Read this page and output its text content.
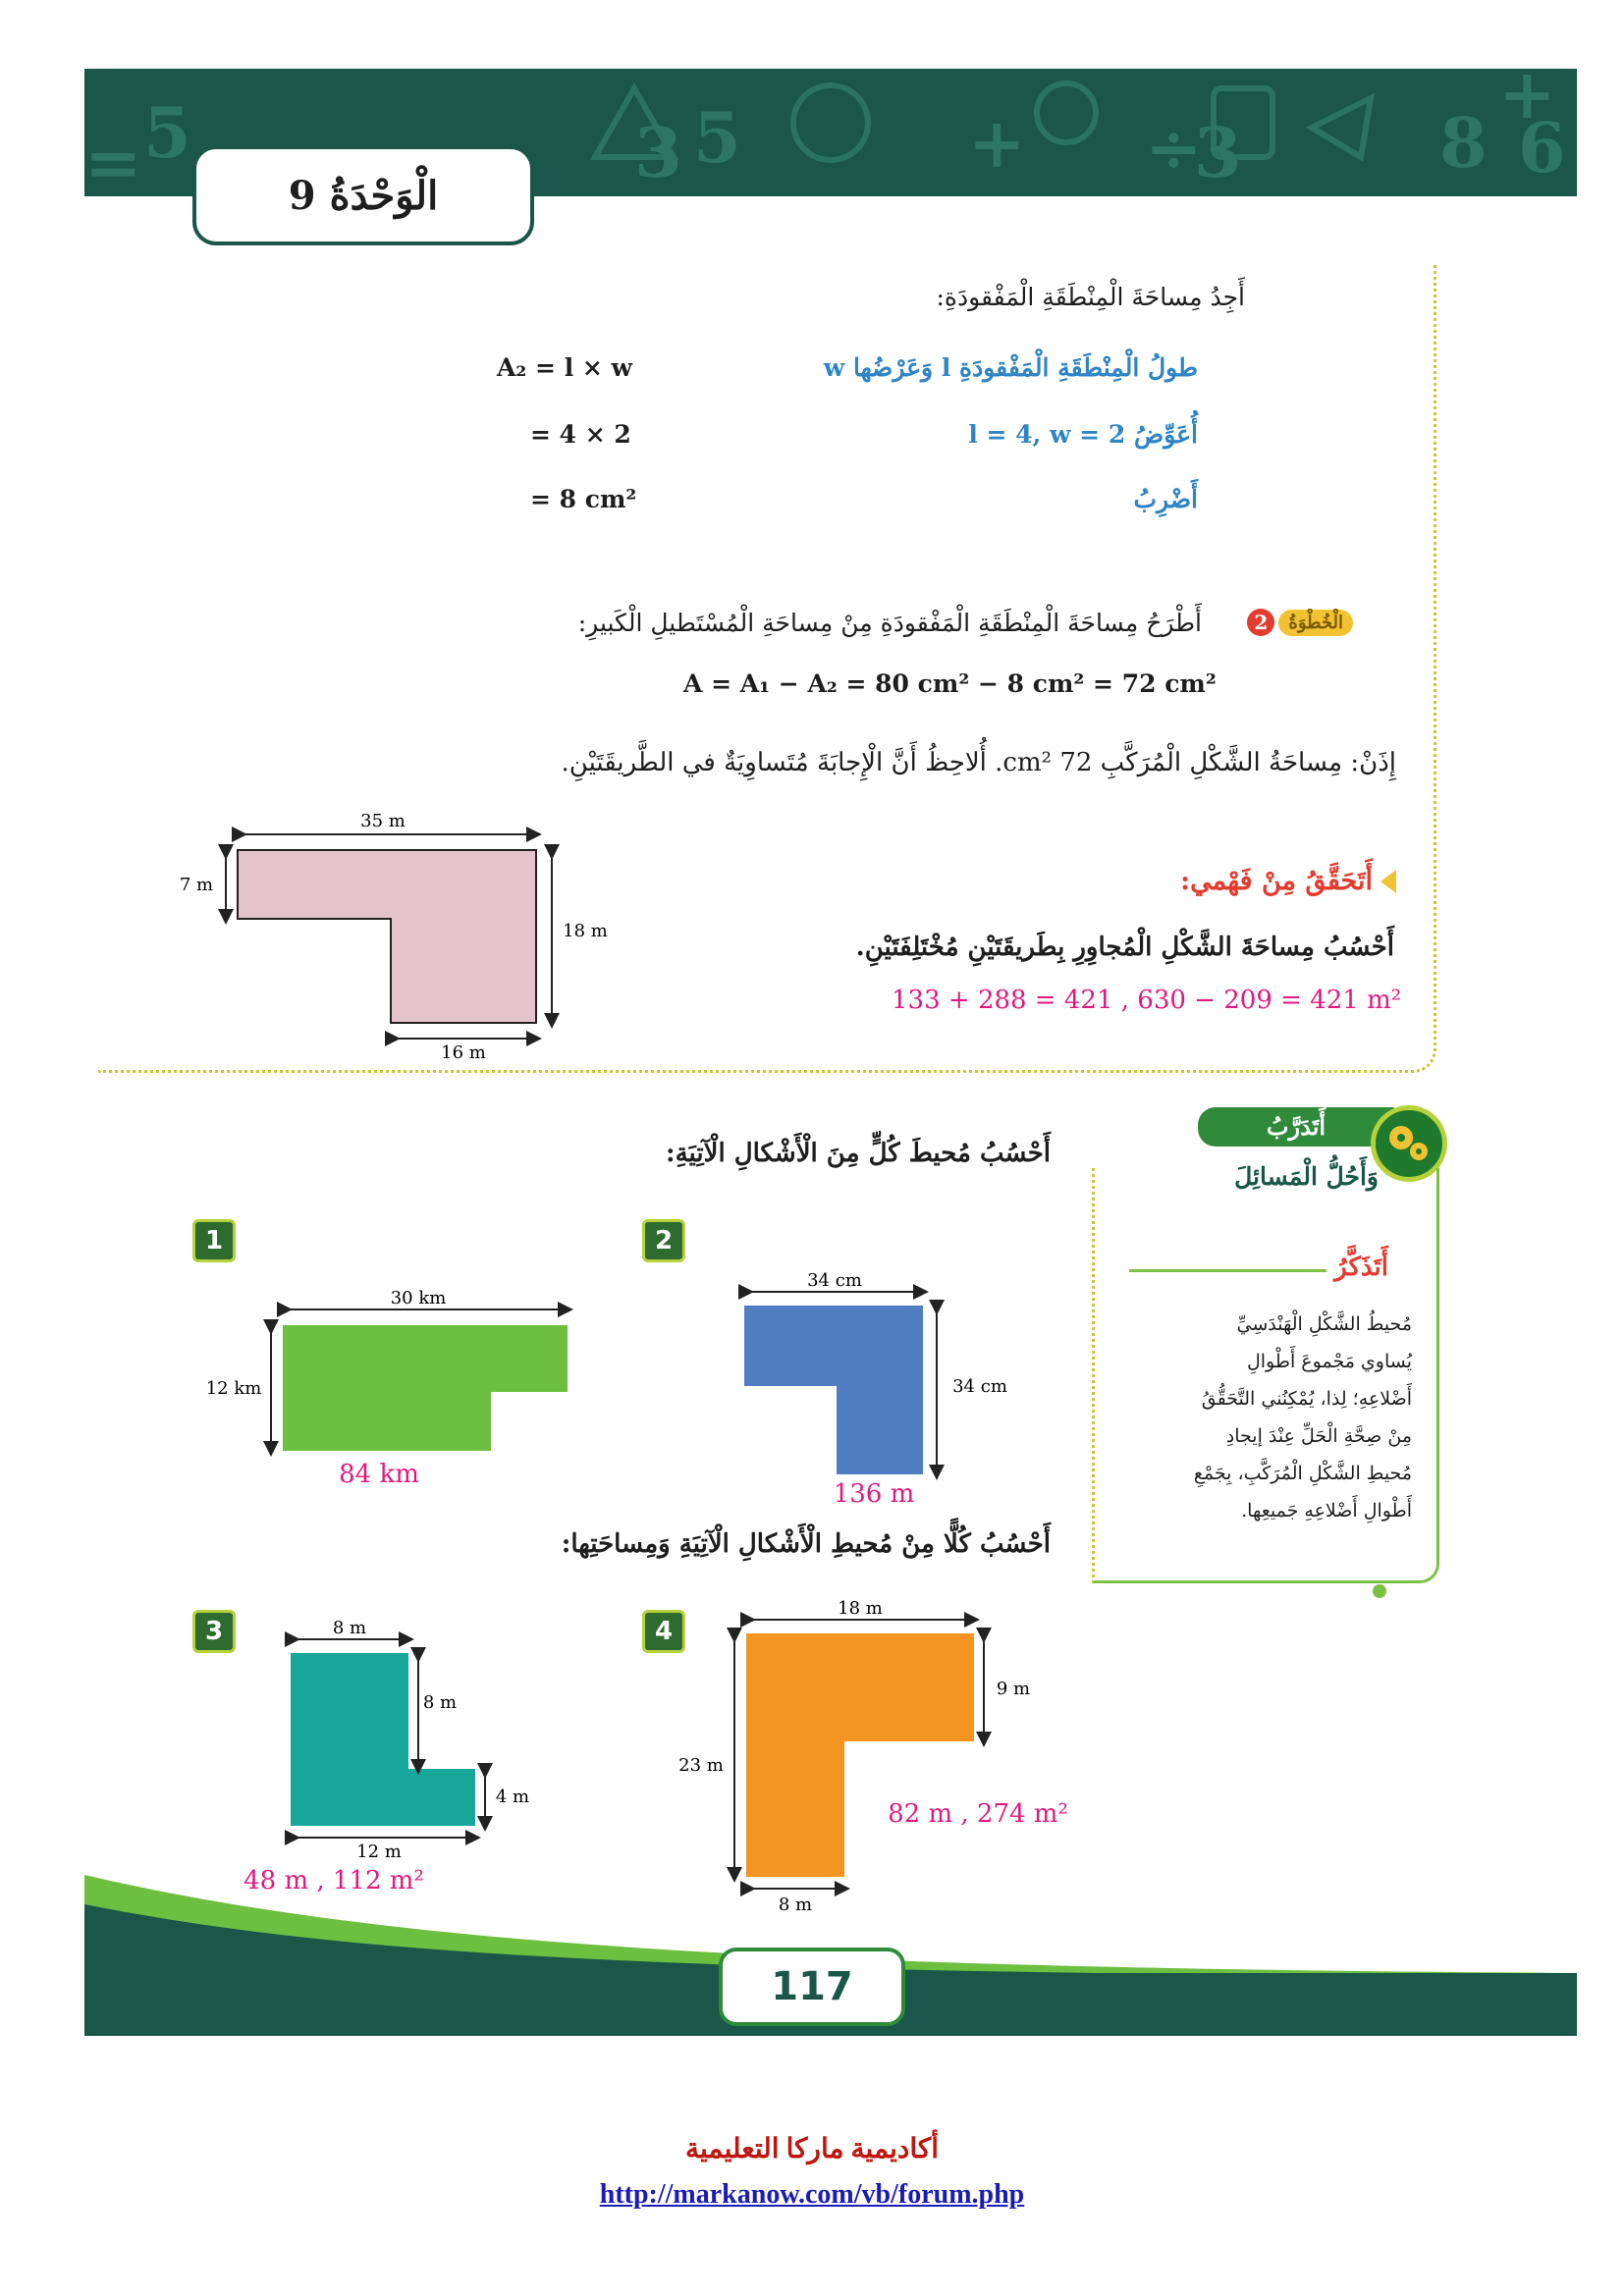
5	3 5	+ ÷
3	8 6
+
=	الْوَحْدَةُ 9
أَجِدُ مِساحَةَ الْمِنْطَقَةِ الْمَفْقودَةِ:
طولُ الْمِنْطَقَةِ الْمَفْقودَةِ l وَعَرْضُها w
A₂ = l × w
أُعَوِّضُ l = 4, w = 2
= 4 × 2
أَضْرِبُ
= 8 cm²
الْخُطْوَةُ
2
أَطْرَحُ مِساحَةَ الْمِنْطَقَةِ الْمَفْقودَةِ مِنْ مِساحَةِ الْمُسْتَطيلِ الْكَبيرِ:
A = A₁ − A₂ = 80 cm² − 8 cm² = 72 cm²
إِذَنْ: مِساحَةُ الشَّكْلِ الْمُرَكَّبِ 72 cm². أُلاحِظُ أَنَّ الْإِجابَةَ مُتَساوِيَةٌ في الطَّريقَتَيْنِ.
أَتَحَقَّقُ مِنْ فَهْمي:
أَحْسُبُ مِساحَةَ الشَّكْلِ الْمُجاوِرِ بِطَريقَتَيْنِ مُخْتَلِفَتَيْنِ.
133 + 288 = 421 , 630 − 209 = 421 m²
35 m
7 m
18 m
16 m
أَتَدَرَّبُ
وَأَحُلُّ الْمَسائِلَ
أَحْسُبُ مُحيطَ كُلٍّ مِنَ الْأَشْكالِ الْآتِيَةِ:
أَتَذَكَّرُ
مُحيطُ الشَّكْلِ الْهَنْدَسِيِّ
يُساوي مَجْموعَ أَطْوالِ
أَضْلاعِهِ؛ لِذا، يُمْكِنُني التَّحَقُّقُ
مِنْ صِحَّةِ الْحَلِّ عِنْدَ إيجادِ
مُحيطِ الشَّكْلِ الْمُرَكَّبِ، بِجَمْعِ
أَطْوالِ أَضْلاعِهِ جَميعِها.
1	2
3	4
30 km
12 km
84 km
34 cm
34 cm
136 m
أَحْسُبُ كُلًّا مِنْ مُحيطِ الْأَشْكالِ الْآتِيَةِ وَمِساحَتِها:
8 m
8 m
4 m
12 m
48 m , 112 m²
18 m
9 m
23 m
8 m
82 m , 274 m²
117
أكاديمية ماركا التعليمية
http://markanow.com/vb/forum.php
